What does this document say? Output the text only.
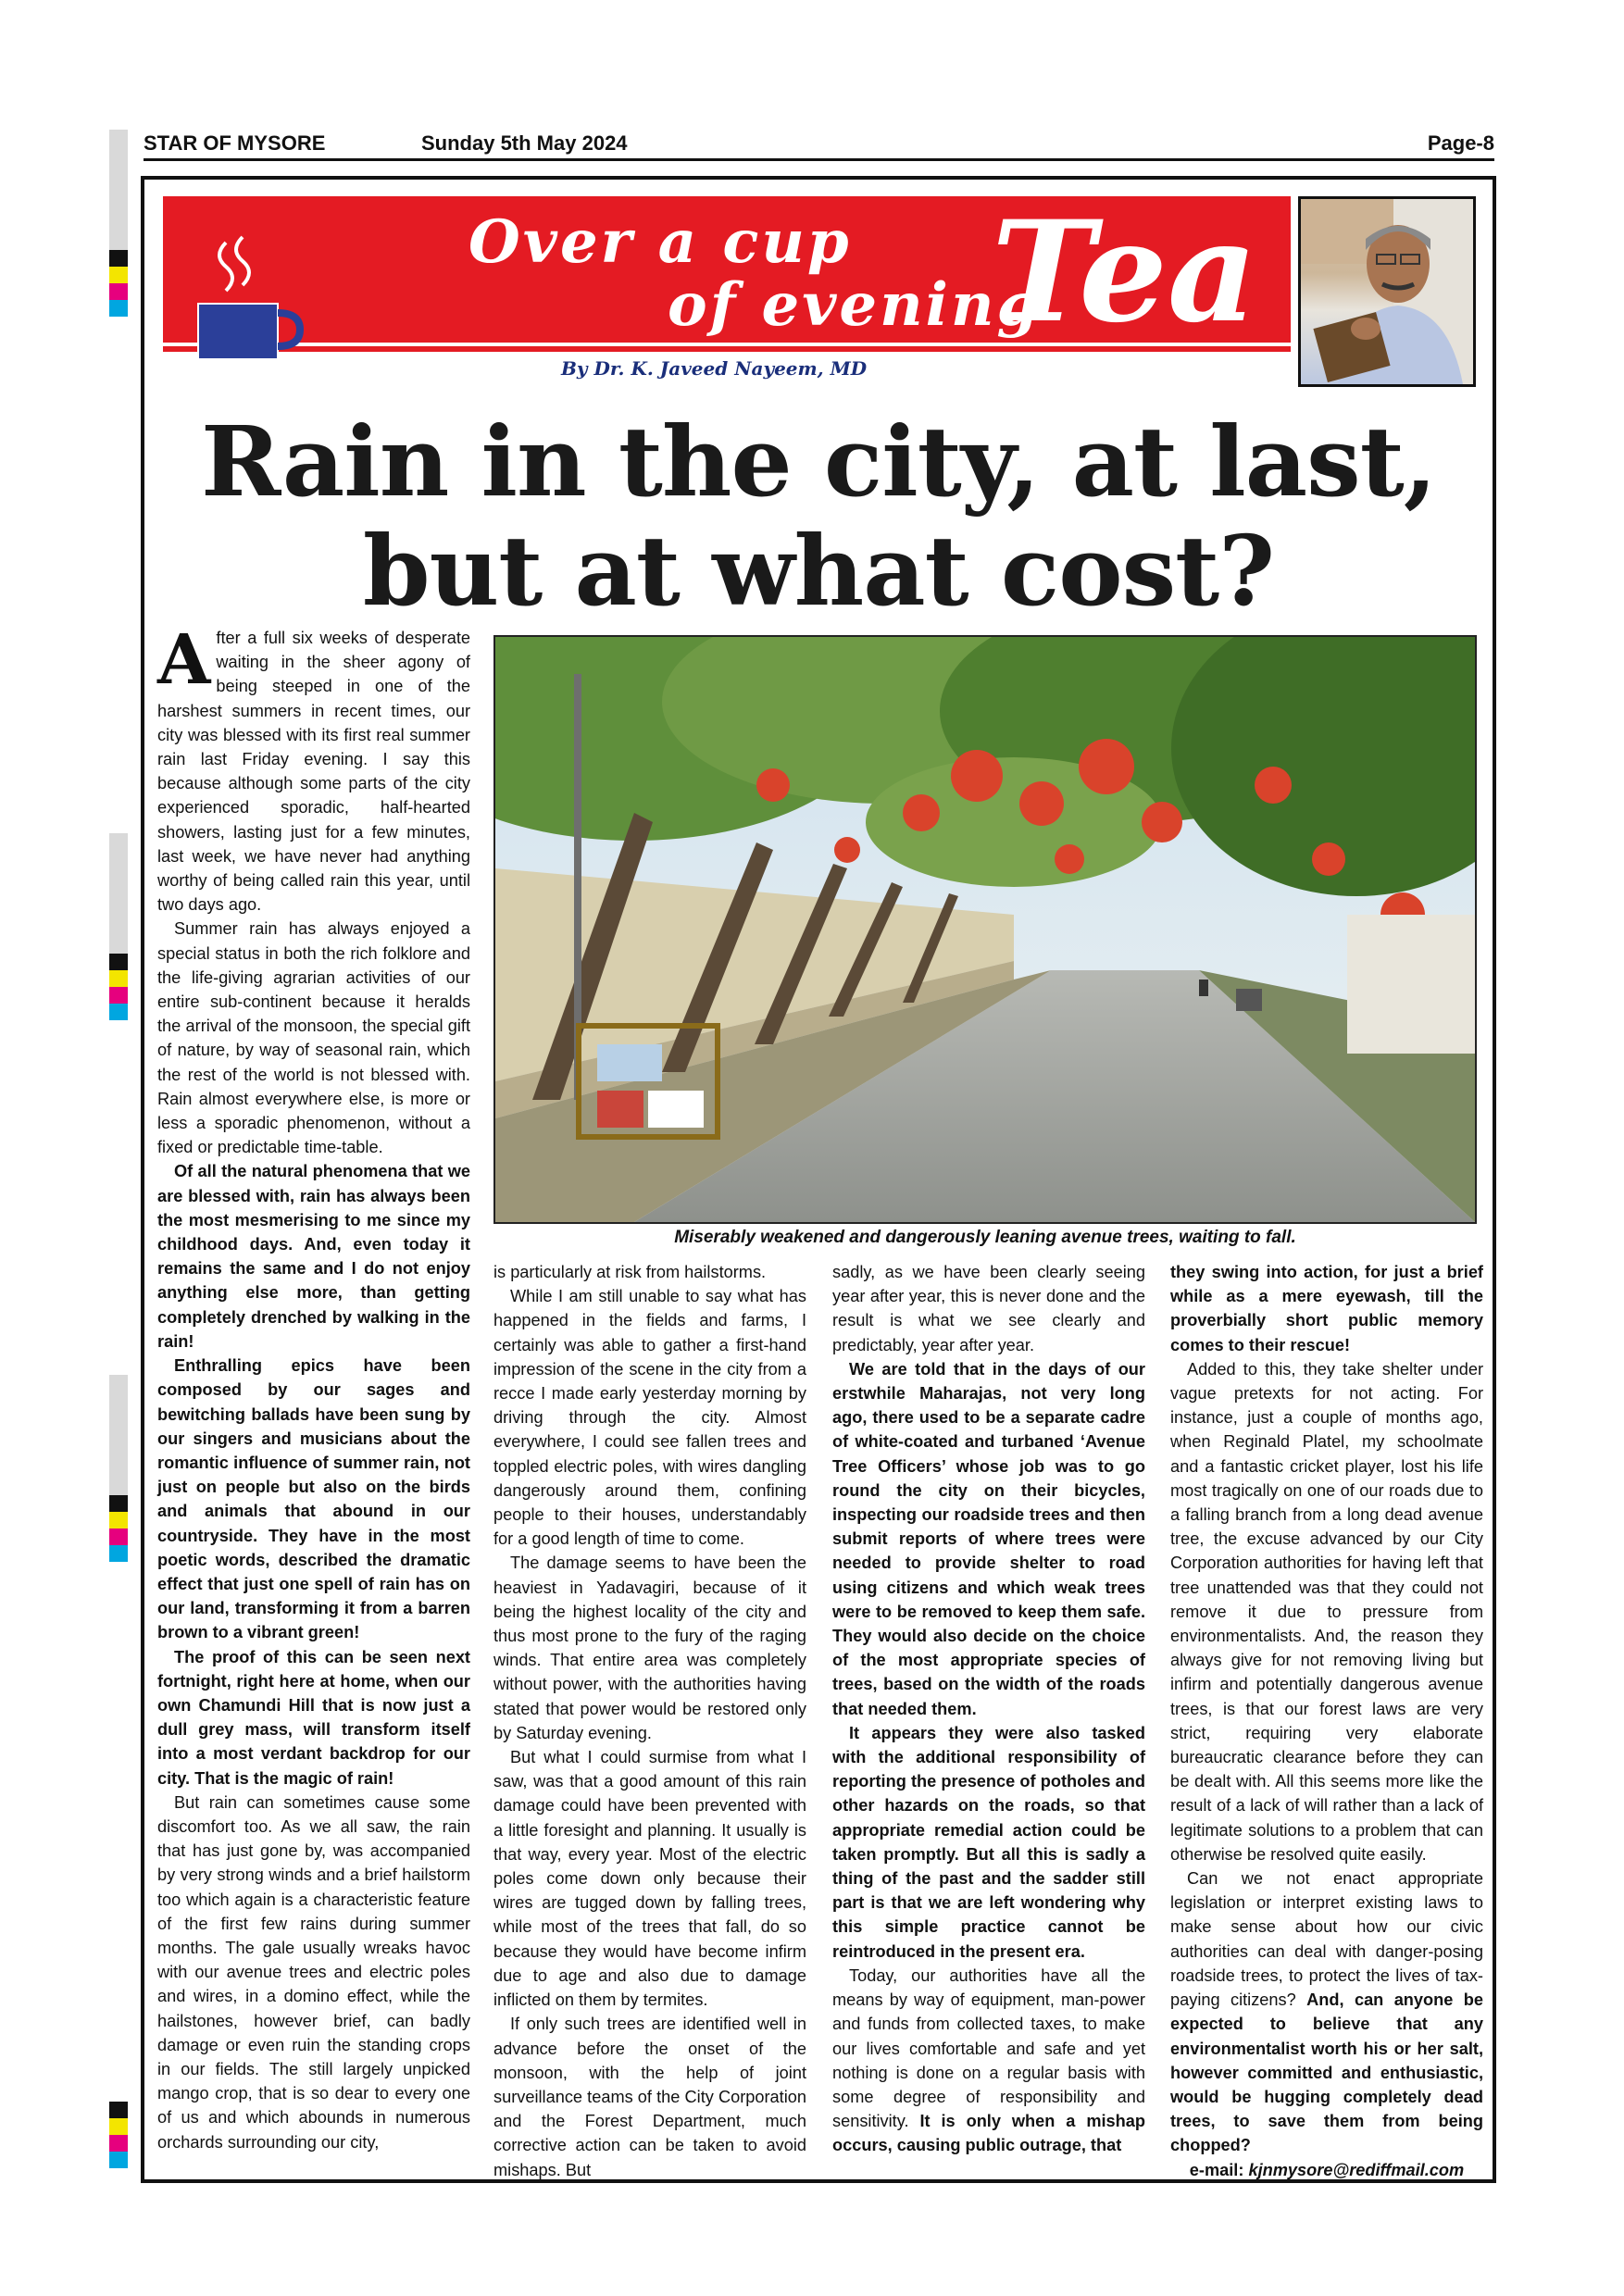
STAR OF MYSORE	Sunday 5th May 2024	Page-8
Over a cup
of evening
Tea
By Dr. K. Javeed Nayeem, MD
Rain in the city, at last,
but at what cost?
Miserably weakened and dangerously leaning avenue trees, waiting to fall.

After a full six weeks of desperate waiting in the sheer agony of being steeped in one of the harshest summers in recent times, our city was blessed with its first real summer rain last Friday evening. I say this because although some parts of the city experienced sporadic, half-hearted showers, lasting just for a few minutes, last week, we have never had anything worthy of being called rain this year, until two days ago.

Summer rain has always enjoyed a special status in both the rich folklore and the life-giving agrarian activities of our entire sub-continent because it heralds the arrival of the monsoon, the special gift of nature, by way of seasonal rain, which the rest of the world is not blessed with. Rain almost everywhere else, is more or less a sporadic phenomenon, without a fixed or predictable time-table.

Of all the natural phenomena that we are blessed with, rain has always been the most mesmerising to me since my childhood days. And, even today it remains the same and I do not enjoy anything else more, than getting completely drenched by walking in the rain!

Enthralling epics have been composed by our sages and bewitching ballads have been sung by our singers and musicians about the romantic influence of summer rain, not just on people but also on the birds and animals that abound in our countryside. They have in the most poetic words, described the dramatic effect that just one spell of rain has on our land, transforming it from a barren brown to a vibrant green!

The proof of this can be seen next fortnight, right here at home, when our own Chamundi Hill that is now just a dull grey mass, will transform itself into a most verdant backdrop for our city. That is the magic of rain!

But rain can sometimes cause some discomfort too. As we all saw, the rain that has just gone by, was accompanied by very strong winds and a brief hailstorm too which again is a characteristic feature of the first few rains during summer months. The gale usually wreaks havoc with our avenue trees and electric poles and wires, in a domino effect, while the hailstones, however brief, can badly damage or even ruin the standing crops in our fields. The still largely unpicked mango crop, that is so dear to every one of us and which abounds in numerous orchards surrounding our city,

is particularly at risk from hailstorms.

While I am still unable to say what has happened in the fields and farms, I certainly was able to gather a first-hand impression of the scene in the city from a recce I made early yesterday morning by driving through the city. Almost everywhere, I could see fallen trees and toppled electric poles, with wires dangling dangerously around them, confining people to their houses, understandably for a good length of time to come.

The damage seems to have been the heaviest in Yadavagiri, because of it being the highest locality of the city and thus most prone to the fury of the raging winds. That entire area was completely without power, with the authorities having stated that power would be restored only by Saturday evening.

But what I could surmise from what I saw, was that a good amount of this rain damage could have been prevented with a little foresight and planning. It usually is that way, every year. Most of the electric poles come down only because their wires are tugged down by falling trees, while most of the trees that fall, do so because they would have become infirm due to age and also due to damage inflicted on them by termites.

If only such trees are identified well in advance before the onset of the monsoon, with the help of joint surveillance teams of the City Corporation and the Forest Department, much corrective action can be taken to avoid mishaps. But

sadly, as we have been clearly seeing year after year, this is never done and the result is what we see clearly and predictably, year after year.

We are told that in the days of our erstwhile Maharajas, not very long ago, there used to be a separate cadre of white-coated and turbaned ‘Avenue Tree Officers’ whose job was to go round the city on their bicycles, inspecting our roadside trees and then submit reports of where trees were needed to provide shelter to road using citizens and which weak trees were to be removed to keep them safe. They would also decide on the choice of the most appropriate species of trees, based on the width of the roads that needed them.

It appears they were also tasked with the additional responsibility of reporting the presence of potholes and other hazards on the roads, so that appropriate remedial action could be taken promptly. But all this is sadly a thing of the past and the sadder still part is that we are left wondering why this simple practice cannot be reintroduced in the present era.

Today, our authorities have all the means by way of equipment, man-power and funds from collected taxes, to make our lives comfortable and safe and yet nothing is done on a regular basis with some degree of responsibility and sensitivity. It is only when a mishap occurs, causing public outrage, that

they swing into action, for just a brief while as a mere eyewash, till the proverbially short public memory comes to their rescue!

Added to this, they take shelter under vague pretexts for not acting. For instance, just a couple of months ago, when Reginald Platel, my schoolmate and a fantastic cricket player, lost his life most tragically on one of our roads due to a falling branch from a long dead avenue tree, the excuse advanced by our City Corporation authorities for having left that tree unattended was that they could not remove it due to pressure from environmentalists. And, the reason they always give for not removing living but infirm and potentially dangerous avenue trees, is that our forest laws are very strict, requiring very elaborate bureaucratic clearance before they can be dealt with. All this seems more like the result of a lack of will rather than a lack of legitimate solutions to a problem that can otherwise be resolved quite easily.

Can we not enact appropriate legislation or interpret existing laws to make sense about how our civic authorities can deal with danger-posing roadside trees, to protect the lives of tax-paying citizens? And, can anyone be expected to believe that any environmentalist worth his or her salt, however committed and enthusiastic, would be hugging completely dead trees, to save them from being chopped?

e-mail: kjnmysore@rediffmail.com
